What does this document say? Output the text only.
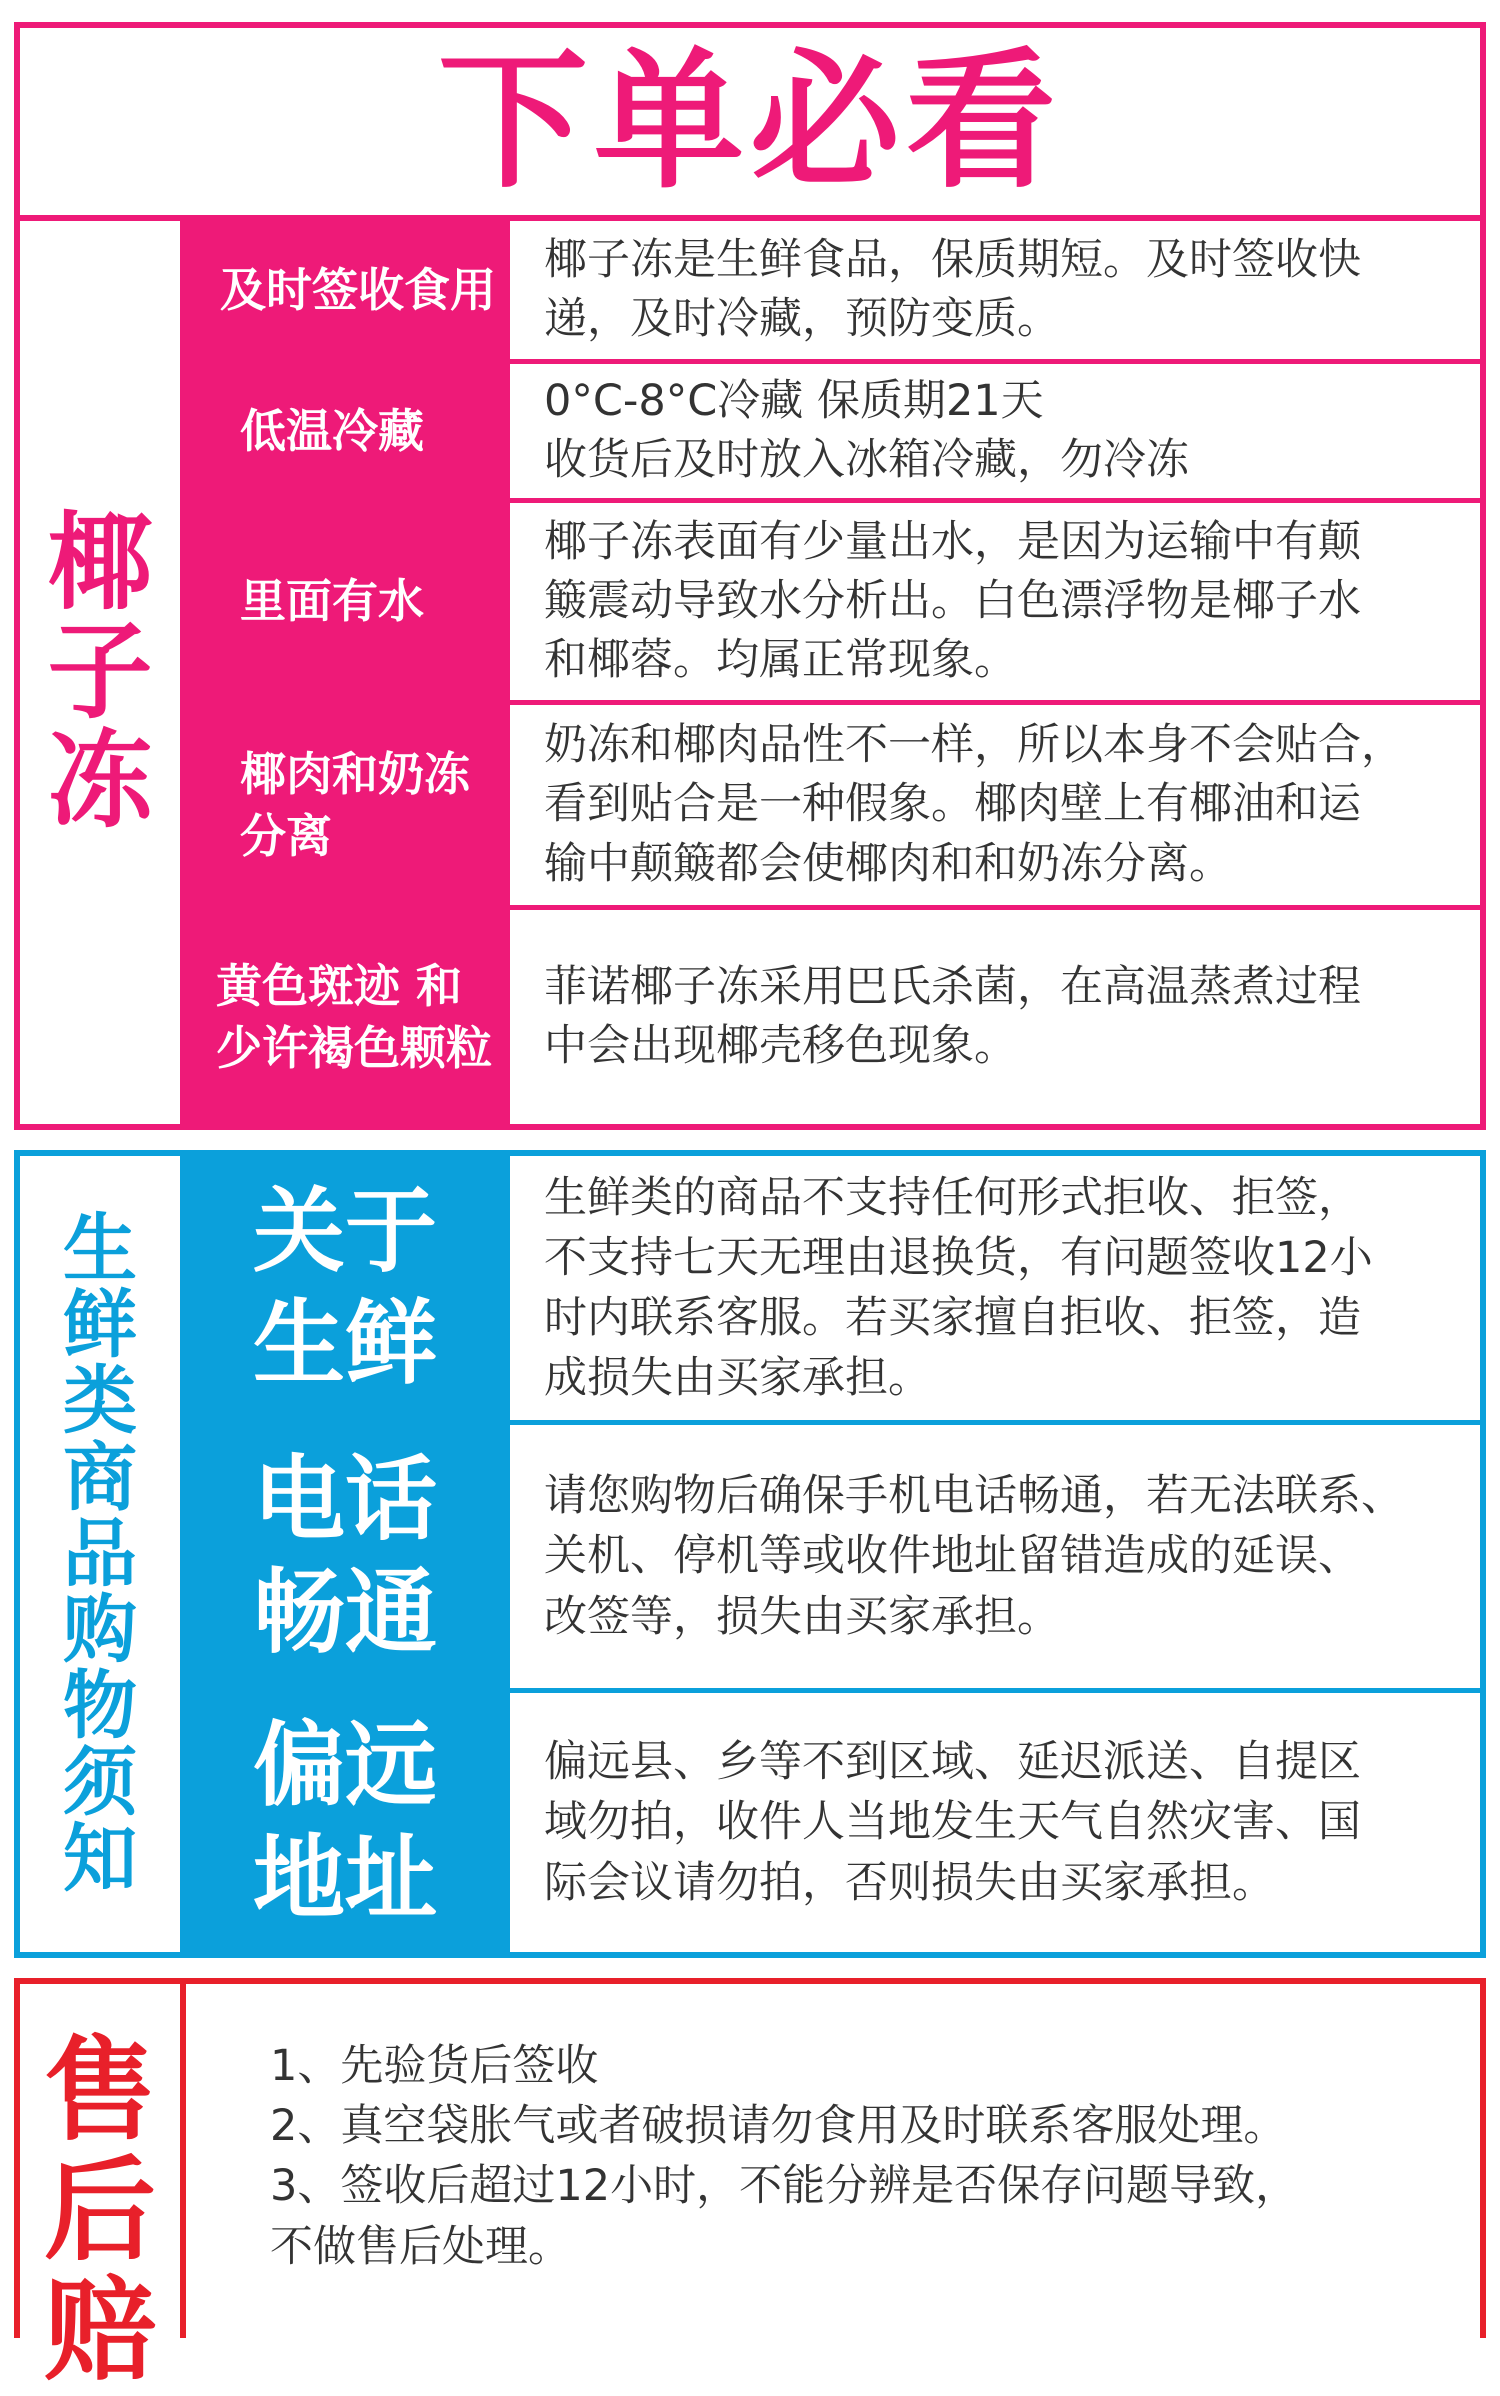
下单必看
椰
子
冻
及时签收食用
椰子冻是生鲜食品，保质期短。及时签收快
递，及时冷藏，预防变质。
低温冷藏
0°C-8°C冷藏 保质期21天
收货后及时放入冰箱冷藏，勿冷冻
里面有水
椰子冻表面有少量出水，是因为运输中有颠
簸震动导致水分析出。白色漂浮物是椰子水
和椰蓉。均属正常现象。
椰肉和奶冻
分离
奶冻和椰肉品性不一样，所以本身不会贴合，
看到贴合是一种假象。椰肉壁上有椰油和运
输中颠簸都会使椰肉和和奶冻分离。
黄色斑迹 和
少许褐色颗粒
菲诺椰子冻采用巴氏杀菌，在高温蒸煮过程
中会出现椰壳移色现象。
生
鲜
类
商
品
购
物
须
知
关于
生鲜
生鲜类的商品不支持任何形式拒收、拒签，
不支持七天无理由退换货，有问题签收12小
时内联系客服。若买家擅自拒收、拒签，造
成损失由买家承担。
电话
畅通
请您购物后确保手机电话畅通，若无法联系、
关机、停机等或收件地址留错造成的延误、
改签等，损失由买家承担。
偏远
地址
偏远县、乡等不到区域、延迟派送、自提区
域勿拍，收件人当地发生天气自然灾害、国
际会议请勿拍，否则损失由买家承担。
售
后
赔
1、先验货后签收
2、真空袋胀气或者破损请勿食用及时联系客服处理。
3、签收后超过12小时，不能分辨是否保存问题导致，
不做售后处理。
